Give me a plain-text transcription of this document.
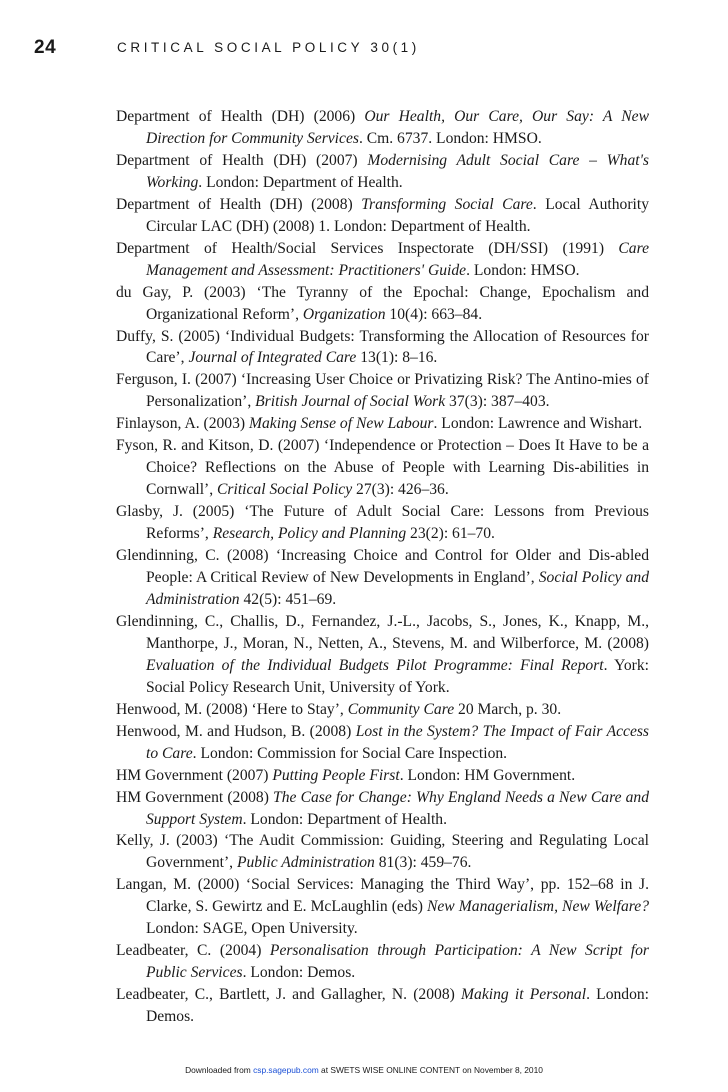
24	CRITICAL SOCIAL POLICY 30(1)

Department of Health (DH) (2006) Our Health, Our Care, Our Say: A New Direction for Community Services. Cm. 6737. London: HMSO.

Department of Health (DH) (2007) Modernising Adult Social Care – What's Working. London: Department of Health.

Department of Health (DH) (2008) Transforming Social Care. Local Authority Circular LAC (DH) (2008) 1. London: Department of Health.

Department of Health/Social Services Inspectorate (DH/SSI) (1991) Care Management and Assessment: Practitioners' Guide. London: HMSO.

du Gay, P. (2003) ‘The Tyranny of the Epochal: Change, Epochalism and Organizational Reform’, Organization 10(4): 663–84.

Duffy, S. (2005) ‘Individual Budgets: Transforming the Allocation of Resources for Care’, Journal of Integrated Care 13(1): 8–16.

Ferguson, I. (2007) ‘Increasing User Choice or Privatizing Risk? The Antino-mies of Personalization’, British Journal of Social Work 37(3): 387–403.

Finlayson, A. (2003) Making Sense of New Labour. London: Lawrence and Wishart.

Fyson, R. and Kitson, D. (2007) ‘Independence or Protection – Does It Have to be a Choice? Reflections on the Abuse of People with Learning Dis-abilities in Cornwall’, Critical Social Policy 27(3): 426–36.

Glasby, J. (2005) ‘The Future of Adult Social Care: Lessons from Previous Reforms’, Research, Policy and Planning 23(2): 61–70.

Glendinning, C. (2008) ‘Increasing Choice and Control for Older and Dis-abled People: A Critical Review of New Developments in England’, Social Policy and Administration 42(5): 451–69.

Glendinning, C., Challis, D., Fernandez, J.-L., Jacobs, S., Jones, K., Knapp, M., Manthorpe, J., Moran, N., Netten, A., Stevens, M. and Wilberforce, M. (2008) Evaluation of the Individual Budgets Pilot Programme: Final Report. York: Social Policy Research Unit, University of York.

Henwood, M. (2008) ‘Here to Stay’, Community Care 20 March, p. 30.

Henwood, M. and Hudson, B. (2008) Lost in the System? The Impact of Fair Access to Care. London: Commission for Social Care Inspection.

HM Government (2007) Putting People First. London: HM Government.

HM Government (2008) The Case for Change: Why England Needs a New Care and Support System. London: Department of Health.

Kelly, J. (2003) ‘The Audit Commission: Guiding, Steering and Regulating Local Government’, Public Administration 81(3): 459–76.

Langan, M. (2000) ‘Social Services: Managing the Third Way’, pp. 152–68 in J. Clarke, S. Gewirtz and E. McLaughlin (eds) New Managerialism, New Welfare? London: SAGE, Open University.

Leadbeater, C. (2004) Personalisation through Participation: A New Script for Public Services. London: Demos.

Leadbeater, C., Bartlett, J. and Gallagher, N. (2008) Making it Personal. London: Demos.

Downloaded from csp.sagepub.com at SWETS WISE ONLINE CONTENT on November 8, 2010
